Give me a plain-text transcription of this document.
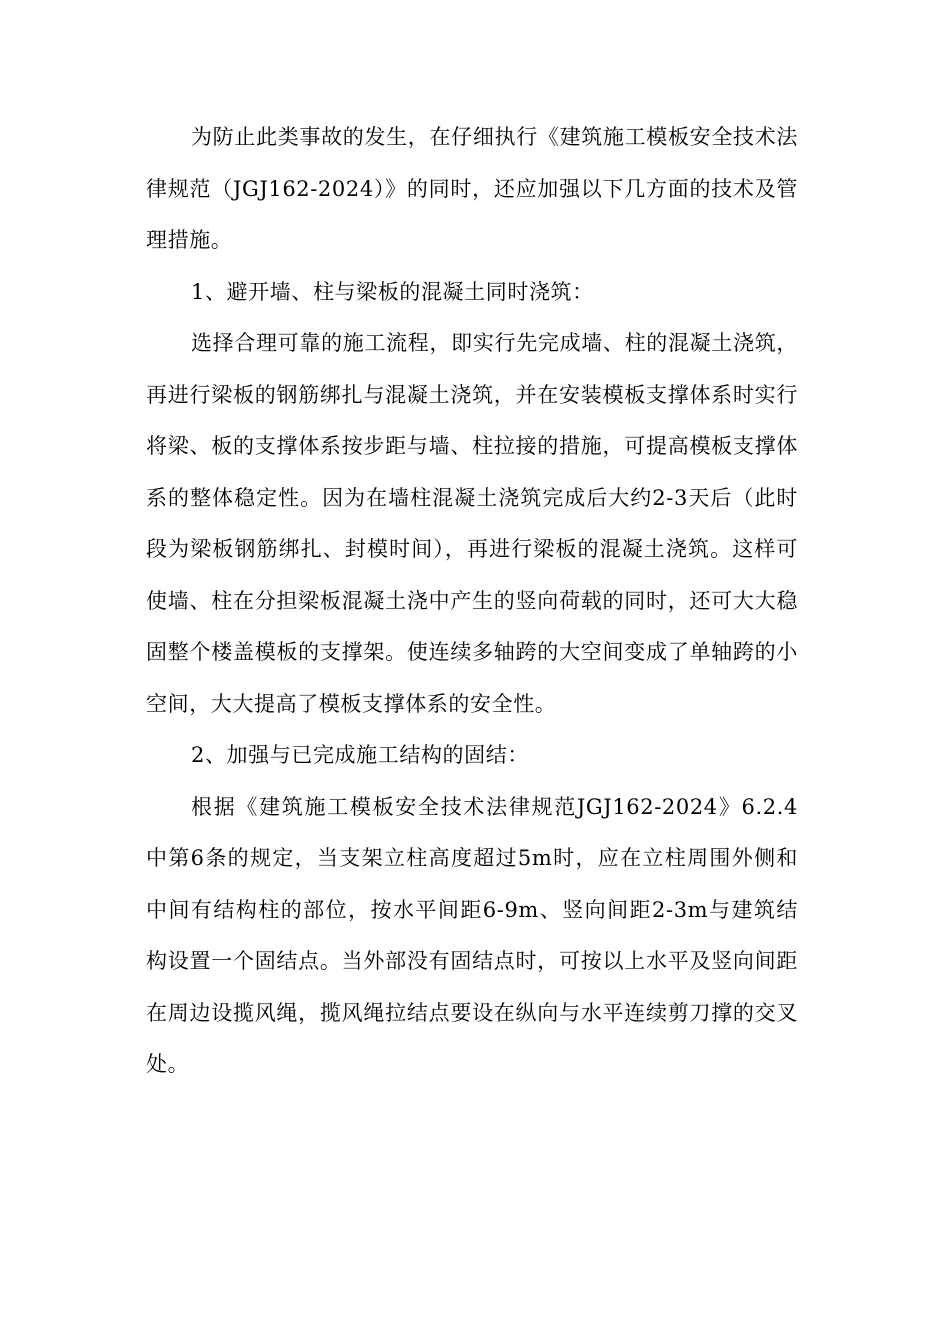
为防止此类事故的发生，在仔细执行《建筑施工模板安全技术法律规范（JGJ162-2024）》的同时，还应加强以下几方面的技术及管理措施。

1、避开墙、柱与梁板的混凝土同时浇筑：

选择合理可靠的施工流程，即实行先完成墙、柱的混凝土浇筑，再进行梁板的钢筋绑扎与混凝土浇筑，并在安装模板支撑体系时实行将梁、板的支撑体系按步距与墙、柱拉接的措施，可提高模板支撑体系的整体稳定性。因为在墙柱混凝土浇筑完成后大约2-3天后（此时段为梁板钢筋绑扎、封模时间），再进行梁板的混凝土浇筑。这样可使墙、柱在分担梁板混凝土浇中产生的竖向荷载的同时，还可大大稳固整个楼盖模板的支撑架。使连续多轴跨的大空间变成了单轴跨的小空间，大大提高了模板支撑体系的安全性。

2、加强与已完成施工结构的固结：

根据《建筑施工模板安全技术法律规范JGJ162-2024》6.2.4中第6条的规定，当支架立柱高度超过5m时，应在立柱周围外侧和中间有结构柱的部位，按水平间距6-9m、竖向间距2-3m与建筑结构设置一个固结点。当外部没有固结点时，可按以上水平及竖向间距在周边设揽风绳，揽风绳拉结点要设在纵向与水平连续剪刀撑的交叉处。
